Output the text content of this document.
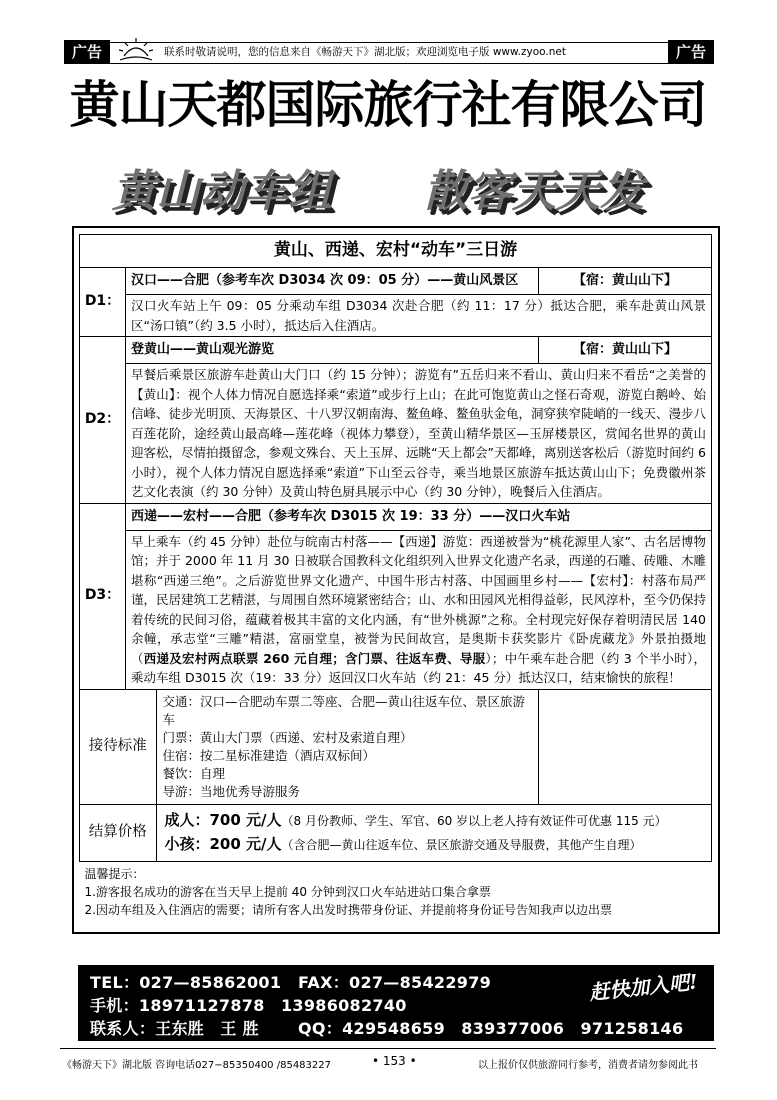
广告	广告
联系时敬请说明，您的信息来自《畅游天下》湖北版；欢迎浏览电子版 www.zyoo.net
黄山天都国际旅行社有限公司
黄山动车组 散客天天发
黄山、西递、宏村“动车”三日游
D1：	汉口——合肥（参考车次 D3034 次 09：05 分）——黄山风景区	【宿：黄山山下】
汉口火车站上午 09：05 分乘动车组 D3034 次赴合肥（约 11：17 分）抵达合肥，乘车赴黄山风景区“汤口镇”（约 3.5 小时），抵达后入住酒店。
D2：	登黄山——黄山观光游览	【宿：黄山山下】
早餐后乘景区旅游车赴黄山大门口（约 15 分钟）；游览有”五岳归来不看山、黄山归来不看岳“之美誉的【黄山】：视个人体力情况自愿选择乘“索道”或步行上山；在此可饱览黄山之怪石奇观，游览白鹅岭、始信峰、徒步光明顶、天海景区、十八罗汉朝南海、鳌鱼峰、鳌鱼驮金龟，洞穿狭窄陡峭的一线天、漫步八百莲花阶，途经黄山最高峰—莲花峰（视体力攀登），至黄山精华景区—玉屏楼景区，赏闻名世界的黄山迎客松，尽情拍摄留念，参观文殊台、天上玉屏、远眺“天上都会”天都峰，离别送客松后（游览时间约 6 小时），视个人体力情况自愿选择乘“索道”下山至云谷寺，乘当地景区旅游车抵达黄山山下；免费徽州茶艺文化表演（约 30 分钟）及黄山特色厨具展示中心（约 30 分钟），晚餐后入住酒店。
D3：	西递——宏村——合肥（参考车次 D3015 次 19：33 分）——汉口火车站
早上乘车（约 45 分钟）赴位与皖南古村落——【西递】游览：西递被誉为“桃花源里人家”、古名居博物馆；并于 2000 年 11 月 30 日被联合国教科文化组织列入世界文化遗产名录，西递的石雕、砖雕、木雕堪称“西递三绝”。之后游览世界文化遗产、中国牛形古村落、中国画里乡村——【宏村】：村落布局严谨，民居建筑工艺精湛，与周围自然环境紧密结合；山、水和田园风光相得益彰，民风淳朴，至今仍保持着传统的民间习俗，蕴藏着极其丰富的文化内涵，有“世外桃源”之称。全村现完好保存着明清民居 140 余幢，承志堂“三雕”精湛，富丽堂皇，被誉为民间故宫，是奥斯卡获奖影片《卧虎藏龙》外景拍摄地（西递及宏村两点联票 260 元自理；含门票、往返车费、导服）；中午乘车赴合肥（约 3 个半小时），乘动车组 D3015 次（19：33 分）返回汉口火车站（约 21：45 分）抵达汉口，结束愉快的旅程！

接待标准	
交通：汉口—合肥动车票二等座、合肥—黄山往返车位、景区旅游车
门票：黄山大门票（西递、宏村及索道自理）
住宿：按二星标准建造（酒店双标间）
餐饮：自理
导游：当地优秀导游服务

结算价格	
成人：700 元/人（8 月份教师、学生、军官、60 岁以上老人持有效证件可优惠 115 元）
小孩：200 元/人（含合肥—黄山往返车位、景区旅游交通及导服费，其他产生自理）

温馨提示：
1.游客报名成功的游客在当天早上提前 40 分钟到汉口火车站进站口集合拿票
2.因动车组及入住酒店的需要；请所有客人出发时携带身份证、并提前将身份证号告知我声以边出票
TEL：027—85862001 FAX：027—85422979
手机：18971127878　13986082740
联系人：王东胜　王 胜 QQ：429548659　839377006　971258146
赶快加入吧!
《畅游天下》湖北版 咨询电话027−85350400 /85483227	• 153 •	以上报价仅供旅游同行参考，消费者请勿参阅此书
